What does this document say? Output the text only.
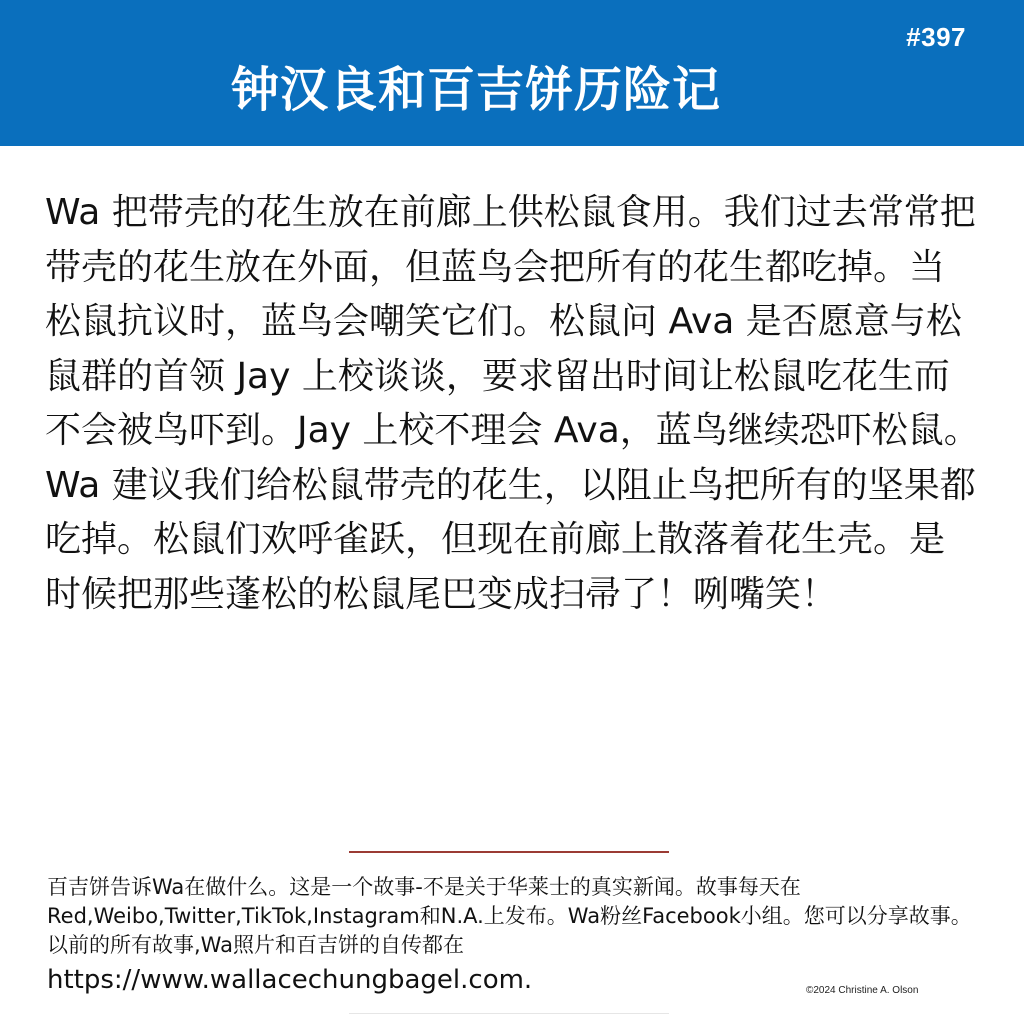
#397
钟汉良和百吉饼历险记

Wa 把带壳的花生放在前廊上供松鼠食用。我们过去常常把带壳的花生放在外面，但蓝鸟会把所有的花生都吃掉。当松鼠抗议时，蓝鸟会嘲笑它们。松鼠问 Ava 是否愿意与松鼠群的首领 Jay 上校谈谈，要求留出时间让松鼠吃花生而不会被鸟吓到。Jay 上校不理会 Ava，蓝鸟继续恐吓松鼠。Wa 建议我们给松鼠带壳的花生，以阻止鸟把所有的坚果都吃掉。松鼠们欢呼雀跃，但现在前廊上散落着花生壳。是时候把那些蓬松的松鼠尾巴变成扫帚了！咧嘴笑！

百吉饼告诉Wa在做什么。这是一个故事-不是关于华莱士的真实新闻。故事每天在Red,Weibo,Twitter,TikTok,Instagram和N.A.上发布。Wa粉丝Facebook小组。您可以分享故事。以前的所有故事,Wa照片和百吉饼的自传都在

https://www.wallacechungbagel.com.	©2024 Christine A. Olson
